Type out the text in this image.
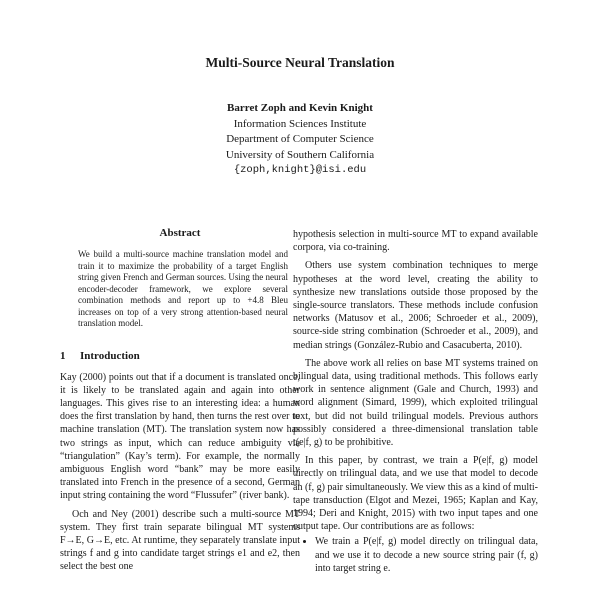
Multi-Source Neural Translation
Barret Zoph and Kevin Knight
Information Sciences Institute
Department of Computer Science
University of Southern California
{zoph,knight}@isi.edu
Abstract
We build a multi-source machine translation model and train it to maximize the probability of a target English string given French and German sources. Using the neural encoder-decoder framework, we explore several combination methods and report up to +4.8 Bleu increases on top of a very strong attention-based neural translation model.
1 Introduction

Kay (2000) points out that if a document is translated once, it is likely to be translated again and again into other languages. This gives rise to an interesting idea: a human does the first translation by hand, then turns the rest over to machine translation (MT). The translation system now has two strings as input, which can reduce ambiguity via “triangulation” (Kay’s term). For example, the normally ambiguous English word “bank” may be more easily translated into French in the presence of a second, German input string containing the word “Flussufer” (river bank).

Och and Ney (2001) describe such a multi-source MT system. They first train separate bilingual MT systems F→E, G→E, etc. At runtime, they separately translate input strings f and g into candidate target strings e1 and e2, then select the best one

hypothesis selection in multi-source MT to expand available corpora, via co-training.

Others use system combination techniques to merge hypotheses at the word level, creating the ability to synthesize new translations outside those proposed by the single-source translators. These methods include confusion networks (Matusov et al., 2006; Schroeder et al., 2009), source-side string combination (Schroeder et al., 2009), and median strings (González-Rubio and Casacuberta, 2010).

The above work all relies on base MT systems trained on bilingual data, using traditional methods. This follows early work in sentence alignment (Gale and Church, 1993) and word alignment (Simard, 1999), which exploited trilingual text, but did not build trilingual models. Previous authors possibly considered a three-dimensional translation table t(e|f, g) to be prohibitive.

In this paper, by contrast, we train a P(e|f, g) model directly on trilingual data, and we use that model to decode an (f, g) pair simultaneously. We view this as a kind of multi-tape transduction (Elgot and Mezei, 1965; Kaplan and Kay, 1994; Deri and Knight, 2015) with two input tapes and one output tape. Our contributions are as follows:

• We train a P(e|f, g) model directly on trilingual data, and we use it to decode a new source string pair (f, g) into target string e.
